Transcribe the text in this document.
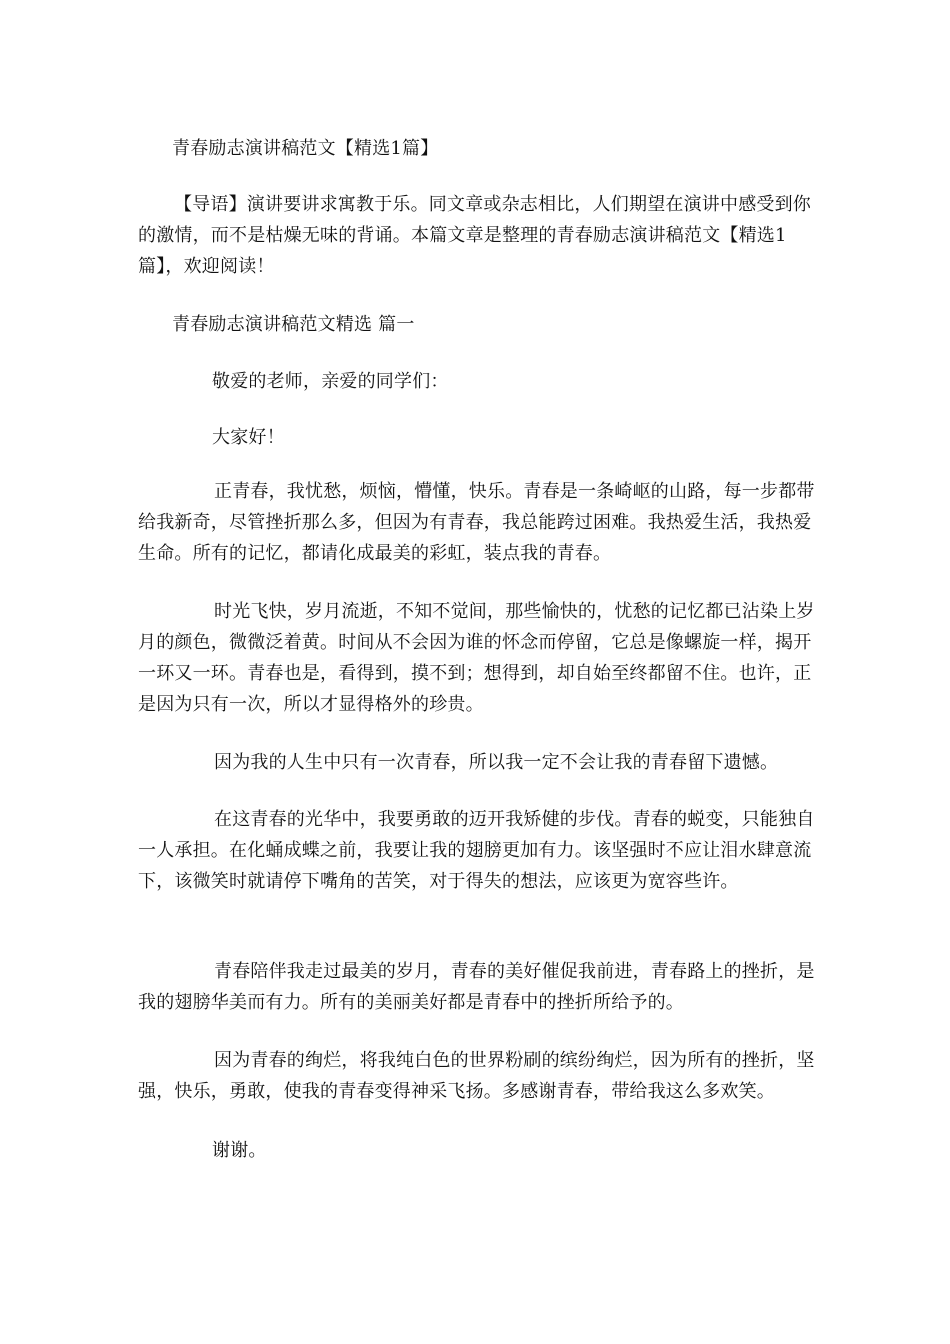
青春励志演讲稿范文【精选1篇】

【导语】演讲要讲求寓教于乐。同文章或杂志相比，人们期望在演讲中感受到你的激情，而不是枯燥无味的背诵。本篇文章是整理的青春励志演讲稿范文【精选1篇】，欢迎阅读！

青春励志演讲稿范文精选 篇一

敬爱的老师，亲爱的同学们：

大家好！

正青春，我忧愁，烦恼，懵懂，快乐。青春是一条崎岖的山路，每一步都带给我新奇，尽管挫折那么多，但因为有青春，我总能跨过困难。我热爱生活，我热爱生命。所有的记忆，都请化成最美的彩虹，装点我的青春。

时光飞快，岁月流逝，不知不觉间，那些愉快的，忧愁的记忆都已沾染上岁月的颜色，微微泛着黄。时间从不会因为谁的怀念而停留，它总是像螺旋一样，揭开一环又一环。青春也是，看得到，摸不到；想得到，却自始至终都留不住。也许，正是因为只有一次，所以才显得格外的珍贵。

因为我的人生中只有一次青春，所以我一定不会让我的青春留下遗憾。

在这青春的光华中，我要勇敢的迈开我矫健的步伐。青春的蜕变，只能独自一人承担。在化蛹成蝶之前，我要让我的翅膀更加有力。该坚强时不应让泪水肆意流下，该微笑时就请停下嘴角的苦笑，对于得失的想法，应该更为宽容些许。

青春陪伴我走过最美的岁月，青春的美好催促我前进，青春路上的挫折，是我的翅膀华美而有力。所有的美丽美好都是青春中的挫折所给予的。

因为青春的绚烂，将我纯白色的世界粉刷的缤纷绚烂，因为所有的挫折，坚强，快乐，勇敢，使我的青春变得神采飞扬。多感谢青春，带给我这么多欢笑。

谢谢。
